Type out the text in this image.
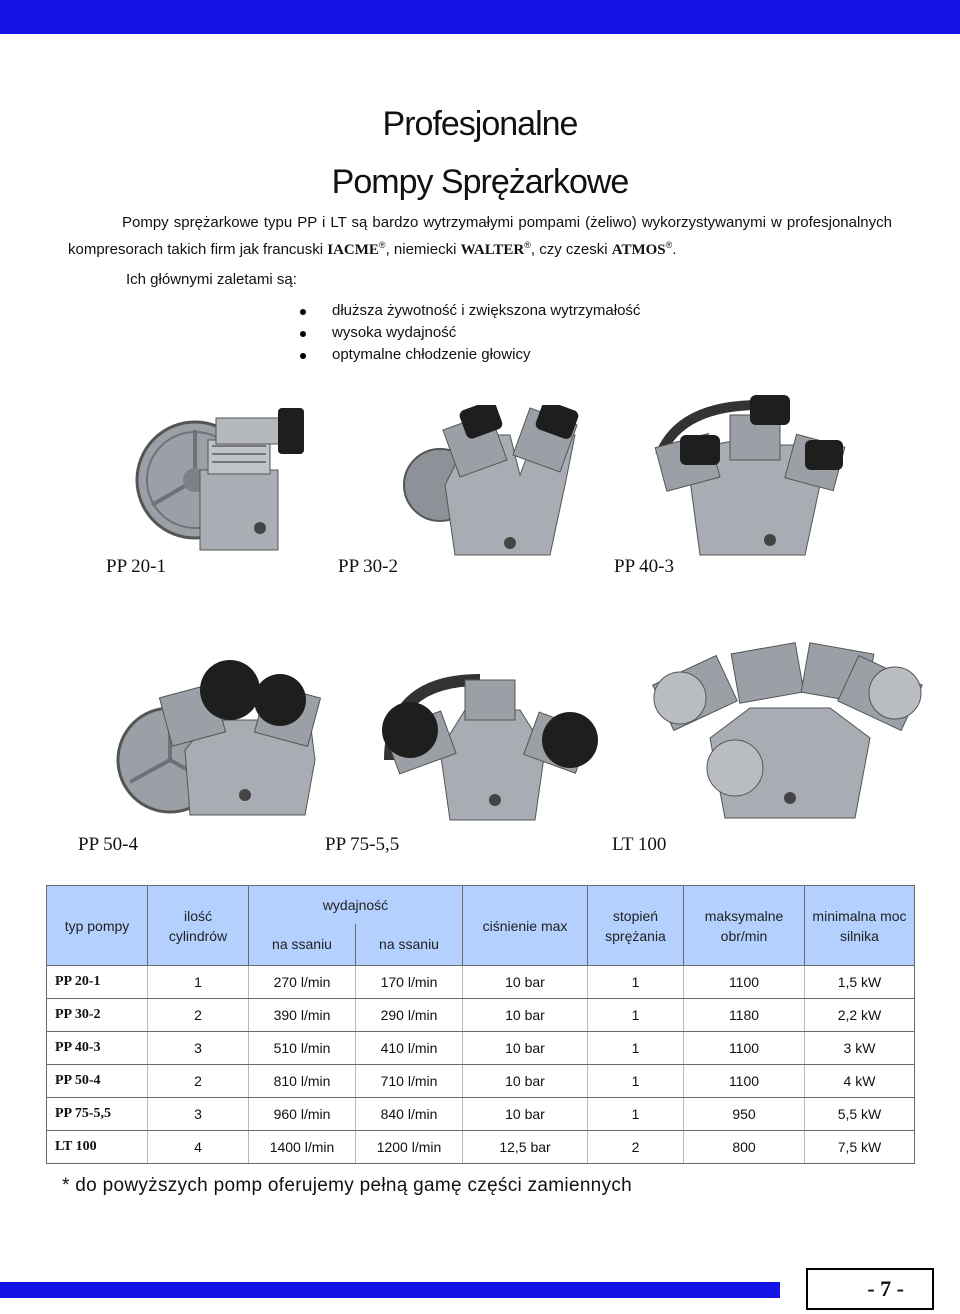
Profesjonalne
Pompy Sprężarkowe

Pompy sprężarkowe typu PP i LT są bardzo wytrzymałymi pompami (żeliwo) wykorzystywanymi w profesjonalnych kompresorach takich firm jak francuski IACME®, niemiecki WALTER®, czy czeski ATMOS®.

Ich głównymi zaletami są:
dłuższa żywotność i zwiększona wytrzymałość
wysoka wydajność
optymalne chłodzenie głowicy
PP 20-1	PP 30-2	PP 40-3
PP 50-4	PP 75-5,5	LT 100
typ pompy	ilość cylindrów	wydajność		ciśnienie max	stopień sprężania	maksymalne obr/min	minimalna moc silnika
		na ssaniu	na ssaniu				
PP 20-1	1	270 l/min	170 l/min	10 bar	1	1100	1,5 kW
PP 30-2	2	390 l/min	290 l/min	10 bar	1	1180	2,2 kW
PP 40-3	3	510 l/min	410 l/min	10 bar	1	1100	3 kW
PP 50-4	2	810 l/min	710 l/min	10 bar	1	1100	4 kW
PP 75-5,5	3	960 l/min	840 l/min	10 bar	1	950	5,5 kW
LT 100	4	1400 l/min	1200 l/min	12,5 bar	2	800	7,5 kW
* do powyższych pomp oferujemy pełną gamę części zamiennych
- 7 -
